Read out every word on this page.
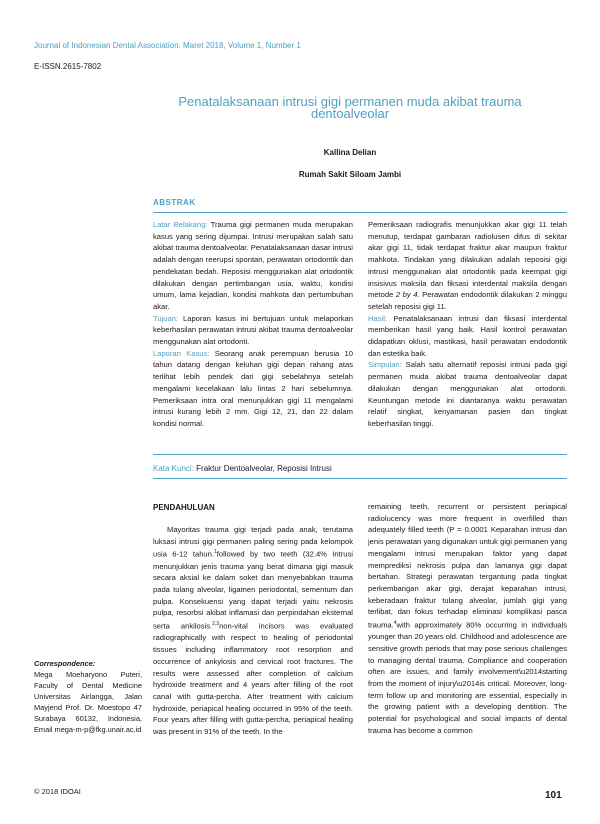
Journal of Indonesian Dental Association. Maret 2018, Volume 1, Number 1
E-ISSN.2615-7802
Penatalaksanaan intrusi gigi permanen muda akibat trauma dentoalveolar
Kallina Delian
Rumah Sakit Siloam Jambi
ABSTRAK

Latar Belakang: Trauma gigi permanen muda merupakan kasus yang sering dijumpai. Intrusi merupakan salah satu akibat trauma dentoalveolar. Penatalaksanaan dasar intrusi adalah dengan reerupsi spontan, perawatan ortodontik dan pendekatan bedah. Reposisi menggunakan alat ortodontik dilakukan dengan pertimbangan usia, waktu, kondisi umum, lama kejadian, kondisi mahkota dan pertumbuhan akar.

Tujuan: Laporan kasus ini bertujuan untuk melaporkan keberhasilan perawatan intrusi akibat trauma dentoalveolar menggunakan alat ortodonti.

Laporan Kasus: Seorang anak perempuan berusia 10 tahun datang dengan keluhan gigi depan rahang atas terlihat lebih pendek dari gigi sebelahnya setelah mengalami kecelakaan lalu lintas 2 hari sebelumnya. Pemeriksaan intra oral menunjukkan gigi 11 mengalami intrusi kurang lebih 2 mm. Gigi 12, 21, dan 22 dalam kondisi normal.

Pemeriksaan radiografis menunjukkan akar gigi 11 telah menutup, terdapat gambaran radiolusen difus di sekitar akar gigi 11, tidak terdapat fraktur akar maupun fraktur mahkota. Tindakan yang dilakukan adalah reposisi gigi intrusi menggunakan alat ortodontik pada keempat gigi insisivus maksila dan fiksasi interdental maksila dengan metode 2 by 4. Perawatan endodontik dilakukan 2 minggu setelah reposisi gigi 11.

Hasil: Penatalaksanaan intrusi dan fiksasi interdental memberikan hasil yang baik. Hasil kontrol perawatan didapatkan oklusi, mastikasi, hasil perawatan endodontik dan estetika baik.

Simpulan: Salah satu alternatif reposisi intrusi pada gigi permanen muda akibat trauma dentoalveolar dapat dilakukan dengan menggunakan alat ortodonti. Keuntungan metode ini diantaranya waktu perawatan relatif singkat, kenyamanan pasien dan tingkat keberhasilan tinggi.

Kata Kunci: Fraktur Dentoalveolar, Reposisi Intrusi
PENDAHULUAN

Mayoritas trauma gigi terjadi pada anak, terutama luksasi intrusi gigi permanen paling sering pada kelompok usia 6-12 tahun.$^1$followed by two teeth (32.4% Intrusi menunjukkan jenis trauma yang berat dimana gigi masuk secara aksial ke dalam soket dan menyebabkan trauma pada tulang alveolar, ligamen periodontal, sementum dan pulpa. Konsekuensi yang dapat terjadi yaitu nekrosis pulpa, resorbsi akibat inflamasi dan perpindahan eksternal serta ankilosis.$^{2,3}$non-vital incisors was evaluated radiographically with respect to healing of periodontal tissues including inflammatory root resorption and occurrence of ankylosis and cervical root fractures. The results were assessed after completion of calcium hydroxide treatment and 4 years after filling of the root canal with gutta-percha. After treatment with calcium hydroxide, periapical healing occurred in 95% of the teeth. Four years after filling with gutta-percha, periapical healing was present in 91% of the teeth. In the

remaining teeth, recurrent or persistent periapical radiolucency was more frequent in overfilled than adequately filled teeth (P = 0.0001 Keparahan intrusi dan jenis perawatan yang digunakan untuk gigi permanen yang mengalami intrusi merupakan faktor yang dapat memprediksi nekrosis pulpa dan lamanya gigi dapat bertahan. Strategi perawatan tergantung pada tingkat perkembangan akar gigi, derajat keparahan intrusi, keberadaan fraktur tulang alveolar, jumlah gigi yang terlibat, dan fokus terhadap eliminasi komplikasi pasca trauma.$^4$with approximately 80% occurring in individuals younger than 20 years old. Childhood and adolescence are sensitive growth periods that may pose serious challenges to managing dental trauma. Compliance and cooperation often are issues, and family involvement\u2014starting from the moment of injury\u2014is critical. Moreover, long-term follow up and monitoring are essential, especially in the growing patient with a developing dentition. The potential for psychological and social impacts of dental trauma has become a common

Correspondence:
Mega Moeharyono Puteri, Faculty of Dental Medicine Universitas Airlangga, Jalan Mayjend Prof. Dr. Moestopo 47 Surabaya 60132, Indonesia, Email mega-m-p@fkg.unair.ac.id
© 2018 IDOAI	101
